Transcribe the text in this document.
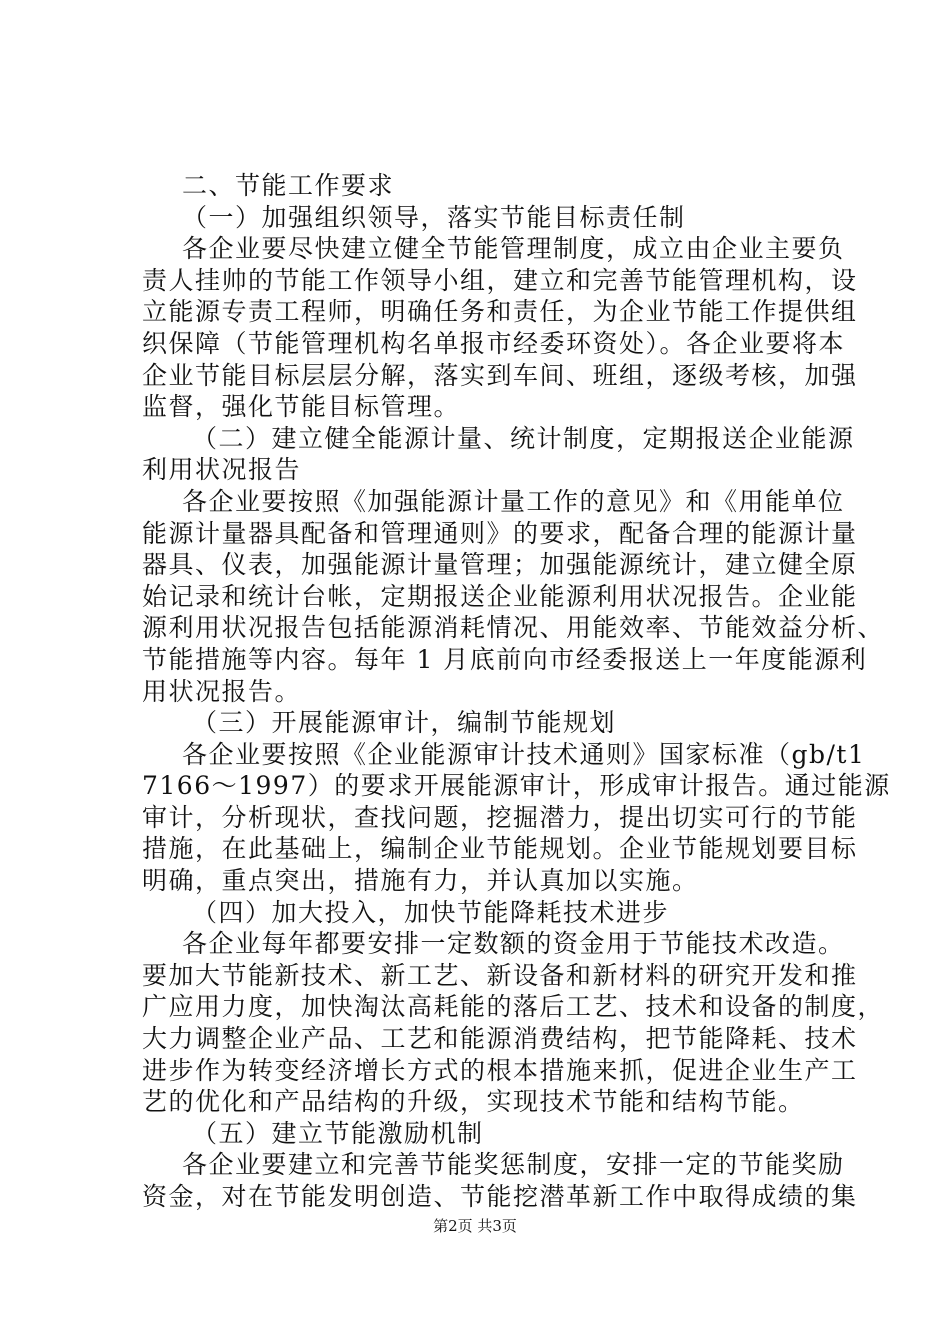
二、节能工作要求
（一）加强组织领导，落实节能目标责任制
各企业要尽快建立健全节能管理制度，成立由企业主要负
责人挂帅的节能工作领导小组，建立和完善节能管理机构，设
立能源专责工程师，明确任务和责任，为企业节能工作提供组
织保障（节能管理机构名单报市经委环资处）。各企业要将本
企业节能目标层层分解，落实到车间、班组，逐级考核，加强
监督，强化节能目标管理。
（二）建立健全能源计量、统计制度，定期报送企业能源
利用状况报告
各企业要按照《加强能源计量工作的意见》和《用能单位
能源计量器具配备和管理通则》的要求，配备合理的能源计量
器具、仪表，加强能源计量管理；加强能源统计，建立健全原
始记录和统计台帐，定期报送企业能源利用状况报告。企业能
源利用状况报告包括能源消耗情况、用能效率、节能效益分析、
节能措施等内容。每年 1 月底前向市经委报送上一年度能源利
用状况报告。
（三）开展能源审计，编制节能规划
各企业要按照《企业能源审计技术通则》国家标准（gb/t1
7166～1997）的要求开展能源审计，形成审计报告。通过能源
审计，分析现状，查找问题，挖掘潜力，提出切实可行的节能
措施，在此基础上，编制企业节能规划。企业节能规划要目标
明确，重点突出，措施有力，并认真加以实施。
（四）加大投入，加快节能降耗技术进步
各企业每年都要安排一定数额的资金用于节能技术改造。
要加大节能新技术、新工艺、新设备和新材料的研究开发和推
广应用力度，加快淘汰高耗能的落后工艺、技术和设备的制度，
大力调整企业产品、工艺和能源消费结构，把节能降耗、技术
进步作为转变经济增长方式的根本措施来抓，促进企业生产工
艺的优化和产品结构的升级，实现技术节能和结构节能。
（五）建立节能激励机制
各企业要建立和完善节能奖惩制度，安排一定的节能奖励
资金，对在节能发明创造、节能挖潜革新工作中取得成绩的集
第2页 共3页
